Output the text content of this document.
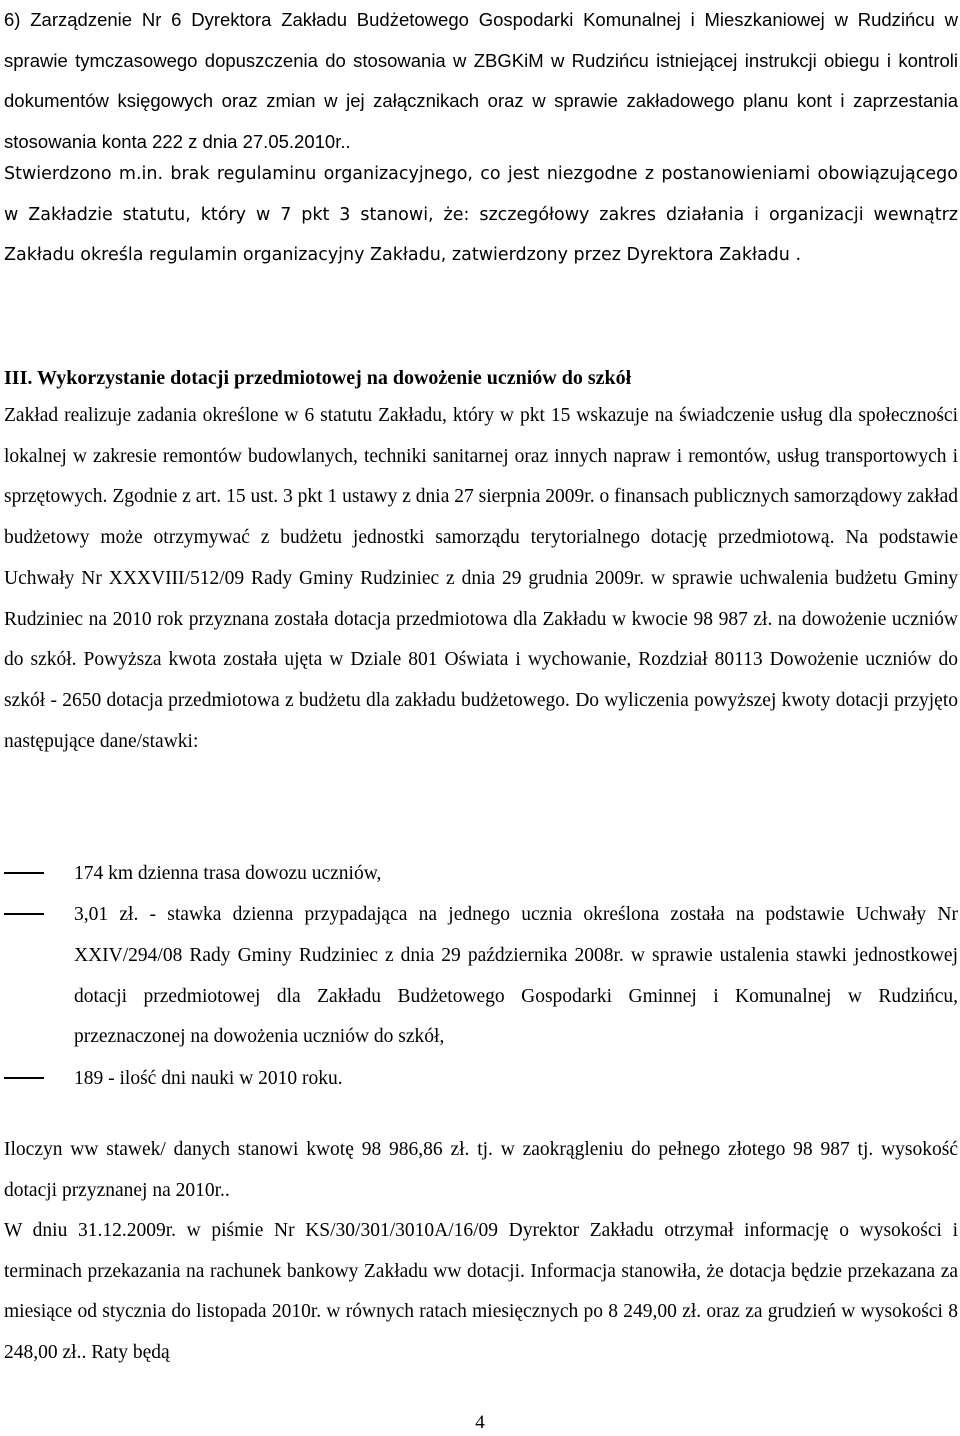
6) Zarządzenie Nr 6 Dyrektora Zakładu Budżetowego Gospodarki Komunalnej i Mieszkaniowej w Rudzińcu w sprawie tymczasowego dopuszczenia do stosowania w ZBGKiM w Rudzińcu istniejącej instrukcji obiegu i kontroli dokumentów księgowych oraz zmian w jej załącznikach oraz w sprawie zakładowego planu kont i zaprzestania stosowania konta 222 z dnia 27.05.2010r..

Stwierdzono m.in. brak regulaminu organizacyjnego, co jest niezgodne z postanowieniami obowiązującego w Zakładzie statutu, który w 7 pkt 3 stanowi, że: szczegółowy zakres działania i organizacji wewnątrz Zakładu określa regulamin organizacyjny Zakładu, zatwierdzony przez Dyrektora Zakładu .

III. Wykorzystanie dotacji przedmiotowej na dowożenie uczniów do szkół

Zakład realizuje zadania określone w 6 statutu Zakładu, który w pkt 15 wskazuje na świadczenie usług dla społeczności lokalnej w zakresie remontów budowlanych, techniki sanitarnej oraz innych napraw i remontów, usług transportowych i sprzętowych. Zgodnie z art. 15 ust. 3 pkt 1 ustawy z dnia 27 sierpnia 2009r. o finansach publicznych samorządowy zakład budżetowy może otrzymywać z budżetu jednostki samorządu terytorialnego dotację przedmiotową. Na podstawie Uchwały Nr XXXVIII/512/09 Rady Gminy Rudziniec z dnia 29 grudnia 2009r. w sprawie uchwalenia budżetu Gminy Rudziniec na 2010 rok przyznana została dotacja przedmiotowa dla Zakładu w kwocie 98 987 zł. na dowożenie uczniów do szkół. Powyższa kwota została ujęta w Dziale 801 Oświata i wychowanie, Rozdział 80113 Dowożenie uczniów do szkół - 2650 dotacja przedmiotowa z budżetu dla zakładu budżetowego. Do wyliczenia powyższej kwoty dotacji przyjęto następujące dane/stawki:

174 km dzienna trasa dowozu uczniów,

3,01 zł. - stawka dzienna przypadająca na jednego ucznia określona została na podstawie Uchwały Nr XXIV/294/08 Rady Gminy Rudziniec z dnia 29 października 2008r. w sprawie ustalenia stawki jednostkowej dotacji przedmiotowej dla Zakładu Budżetowego Gospodarki Gminnej i Komunalnej w Rudzińcu, przeznaczonej na dowożenia uczniów do szkół,

189 - ilość dni nauki w 2010 roku.

Iloczyn ww stawek/ danych stanowi kwotę 98 986,86 zł. tj. w zaokrągleniu do pełnego złotego 98 987 tj. wysokość dotacji przyznanej na 2010r..

W dniu 31.12.2009r. w piśmie Nr KS/30/301/3010A/16/09 Dyrektor Zakładu otrzymał informację o wysokości i terminach przekazania na rachunek bankowy Zakładu ww dotacji. Informacja stanowiła, że dotacja będzie przekazana za miesiące od stycznia do listopada 2010r. w równych ratach miesięcznych po 8 249,00 zł. oraz za grudzień w wysokości 8 248,00 zł.. Raty będą

4
